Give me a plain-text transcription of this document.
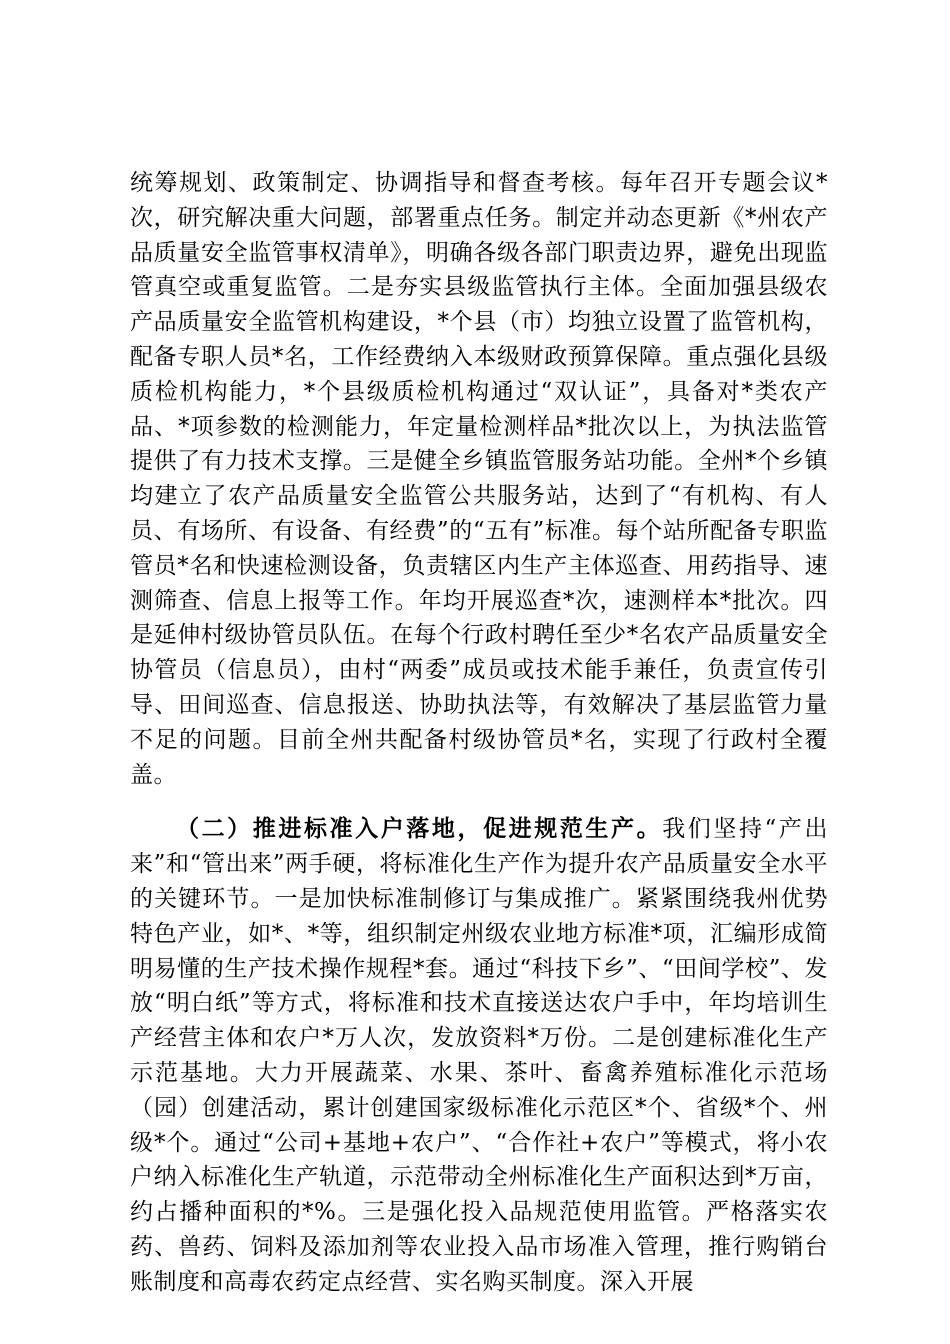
统筹规划、政策制定、协调指导和督查考核。每年召开专题会议*次，研究解决重大问题，部署重点任务。制定并动态更新《*州农产品质量安全监管事权清单》，明确各级各部门职责边界，避免出现监管真空或重复监管。二是夯实县级监管执行主体。全面加强县级农产品质量安全监管机构建设，*个县（市）均独立设置了监管机构，配备专职人员*名，工作经费纳入本级财政预算保障。重点强化县级质检机构能力，*个县级质检机构通过“双认证”，具备对*类农产品、*项参数的检测能力，年定量检测样品*批次以上，为执法监管提供了有力技术支撑。三是健全乡镇监管服务站功能。全州*个乡镇均建立了农产品质量安全监管公共服务站，达到了“有机构、有人员、有场所、有设备、有经费”的“五有”标准。每个站所配备专职监管员*名和快速检测设备，负责辖区内生产主体巡查、用药指导、速测筛查、信息上报等工作。年均开展巡查*次，速测样本*批次。四是延伸村级协管员队伍。在每个行政村聘任至少*名农产品质量安全协管员（信息员），由村“两委”成员或技术能手兼任，负责宣传引导、田间巡查、信息报送、协助执法等，有效解决了基层监管力量不足的问题。目前全州共配备村级协管员*名，实现了行政村全覆盖。

（二）推进标准入户落地，促进规范生产。我们坚持“产出来”和“管出来”两手硬，将标准化生产作为提升农产品质量安全水平的关键环节。一是加快标准制修订与集成推广。紧紧围绕我州优势特色产业，如*、*等，组织制定州级农业地方标准*项，汇编形成简明易懂的生产技术操作规程*套。通过“科技下乡”、“田间学校”、发放“明白纸”等方式，将标准和技术直接送达农户手中，年均培训生产经营主体和农户*万人次，发放资料*万份。二是创建标准化生产示范基地。大力开展蔬菜、水果、茶叶、畜禽养殖标准化示范场（园）创建活动，累计创建国家级标准化示范区*个、省级*个、州级*个。通过“公司+基地+农户”、“合作社+农户”等模式，将小农户纳入标准化生产轨道，示范带动全州标准化生产面积达到*万亩，约占播种面积的*%。三是强化投入品规范使用监管。严格落实农药、兽药、饲料及添加剂等农业投入品市场准入管理，推行购销台账制度和高毒农药定点经营、实名购买制度。深入开展
